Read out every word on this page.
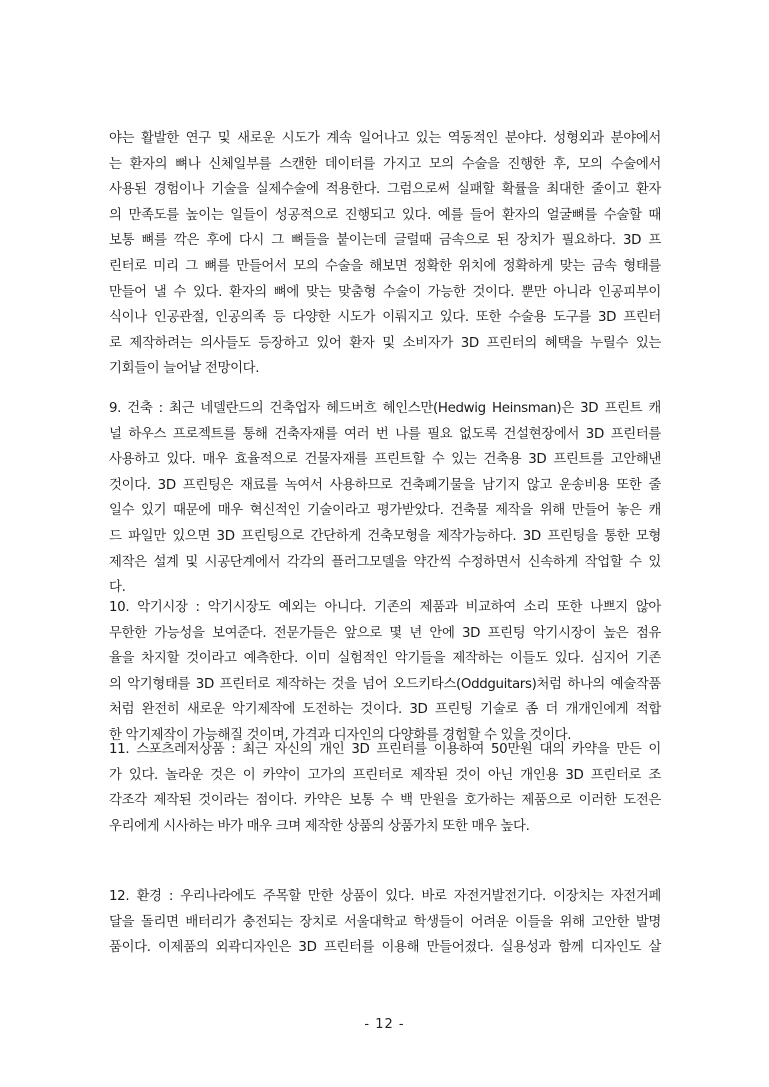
야는 활발한 연구 및 새로운 시도가 계속 일어나고 있는 역동적인 분야다. 성형외과 분야에서
는 환자의 뼈나 신체일부를 스캔한 데이터를 가지고 모의 수술을 진행한 후, 모의 수술에서
사용된 경험이나 기술을 실제수술에 적용한다. 그럼으로써 실패할 확률을 최대한 줄이고 환자
의 만족도를 높이는 일들이 성공적으로 진행되고 있다. 예를 들어 환자의 얼굴뼈를 수술할 때
보통 뼈를 깍은 후에 다시 그 뼈들을 붙이는데 글럴때 금속으로 된 장치가 필요하다. 3D 프
린터로 미리 그 뼈를 만들어서 모의 수술을 해보면 정확한 위치에 정확하게 맞는 금속 형태를
만들어 낼 수 있다. 환자의 뼈에 맞는 맞춤형 수술이 가능한 것이다. 뿐만 아니라 인공피부이
식이나 인공관절, 인공의족 등 다양한 시도가 이뤄지고 있다. 또한 수술용 도구를 3D 프린터
로 제작하려는 의사들도 등장하고 있어 환자 및 소비자가 3D 프린터의 혜택을 누릴수 있는
기회들이 늘어날 전망이다.
9. 건축 : 최근 네델란드의 건축업자 헤드버흐 헤인스만(Hedwig Heinsman)은 3D 프린트 캐
널 하우스 프로젝트를 통해 건축자재를 여러 번 나를 필요 없도록 건설현장에서 3D 프린터를
사용하고 있다. 매우 효율적으로 건물자재를 프린트할 수 있는 건축용 3D 프린트를 고안해낸
것이다. 3D 프린팅은 재료를 녹여서 사용하므로 건축폐기물을 남기지 않고 운송비용 또한 줄
일수 있기 때문에 매우 혁신적인 기술이라고 평가받았다. 건축물 제작을 위해 만들어 놓은 캐
드 파일만 있으면 3D 프린팅으로 간단하게 건축모형을 제작가능하다. 3D 프린팅을 통한 모형
제작은 설계 및 시공단계에서 각각의 플러그모델을 약간씩 수정하면서 신속하게 작업할 수 있
다.
10. 악기시장 : 악기시장도 예외는 아니다. 기존의 제품과 비교하여 소리 또한 나쁘지 않아
무한한 가능성을 보여준다. 전문가들은 앞으로 몇 년 안에 3D 프린팅 악기시장이 높은 점유
율을 차지할 것이라고 예측한다. 이미 실험적인 악기들을 제작하는 이들도 있다. 심지어 기존
의 악기형태를 3D 프린터로 제작하는 것을 넘어 오드키타스(Oddguitars)처럼 하나의 예술작품
처럼 완전히 새로운 악기제작에 도전하는 것이다. 3D 프린팅 기술로 좀 더 개개인에게 적합
한 악기제작이 가능해질 것이며, 가격과 디자인의 다양화를 경험할 수 있을 것이다.
11. 스포츠레저상품 : 최근 자신의 개인 3D 프린터를 이용하여 50만원 대의 카약을 만든 이
가 있다. 놀라운 것은 이 카약이 고가의 프린터로 제작된 것이 아닌 개인용 3D 프린터로 조
각조각 제작된 것이라는 점이다. 카약은 보통 수 백 만원을 호가하는 제품으로 이러한 도전은
우리에게 시사하는 바가 매우 크며 제작한 상품의 상품가치 또한 매우 높다.
12. 환경 : 우리나라에도 주목할 만한 상품이 있다. 바로 자전거발전기다. 이장치는 자전거페
달을 돌리면 배터리가 충전되는 장치로 서울대학교 학생들이 어려운 이들을 위해 고안한 발명
품이다. 이제품의 외곽디자인은 3D 프린터를 이용해 만들어졌다. 실용성과 함께 디자인도 살
- 12 -
